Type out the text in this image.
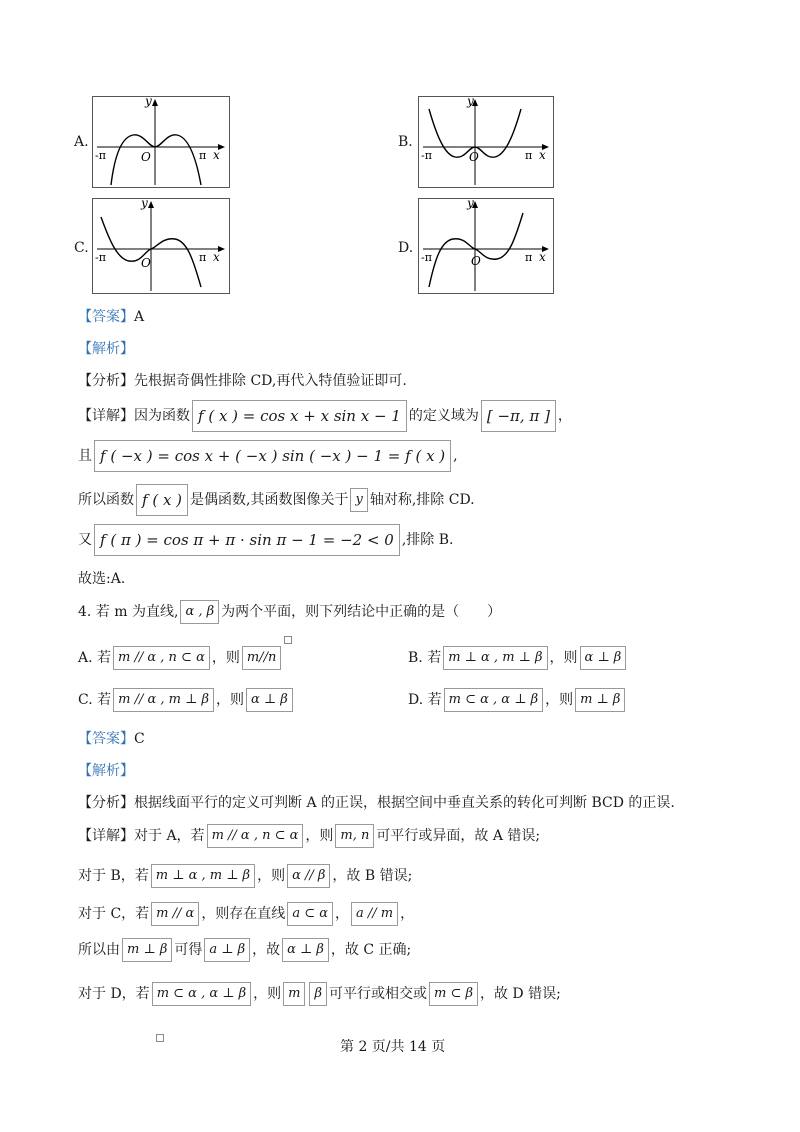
A.
y
x
O
-π	π
B.
y
x
O
-π	π
C.
y
x
O
-π	π
D.
y
x
O
-π	π
【答案】A
【解析】
【分析】先根据奇偶性排除 CD,再代入特值验证即可.
【详解】因为函数 f ( x ) = cos x + x sin x − 1 的定义域为 [ −π, π ] ，
且 f ( −x ) = cos x + ( −x ) sin ( −x ) − 1 = f ( x ) ,
所以函数 f ( x ) 是偶函数,其函数图像关于 y 轴对称,排除 CD.
又 f ( π ) = cos π + π · sin π − 1 = −2 < 0 ,排除 B.
故选:A.
4. 若 m 为直线, α , β 为两个平面，则下列结论中正确的是（　　）
A. 若 m // α , n ⊂ α ，则 m//n	B. 若 m ⊥ α , m ⊥ β ，则 α ⊥ β
C. 若 m // α , m ⊥ β ，则 α ⊥ β	D. 若 m ⊂ α , α ⊥ β ，则 m ⊥ β
【答案】C
【解析】
【分析】根据线面平行的定义可判断 A 的正误，根据空间中垂直关系的转化可判断 BCD 的正误.
【详解】对于 A，若 m // α , n ⊂ α ，则 m, n 可平行或异面，故 A 错误;
对于 B，若 m ⊥ α , m ⊥ β ，则 α // β ，故 B 错误;
对于 C，若 m // α ，则存在直线 a ⊂ α ， a // m ，
所以由 m ⊥ β 可得 a ⊥ β ，故 α ⊥ β ，故 C 正确;
对于 D，若 m ⊂ α , α ⊥ β ，则 m β 可平行或相交或 m ⊂ β ，故 D 错误;
第 2 页/共 14 页
